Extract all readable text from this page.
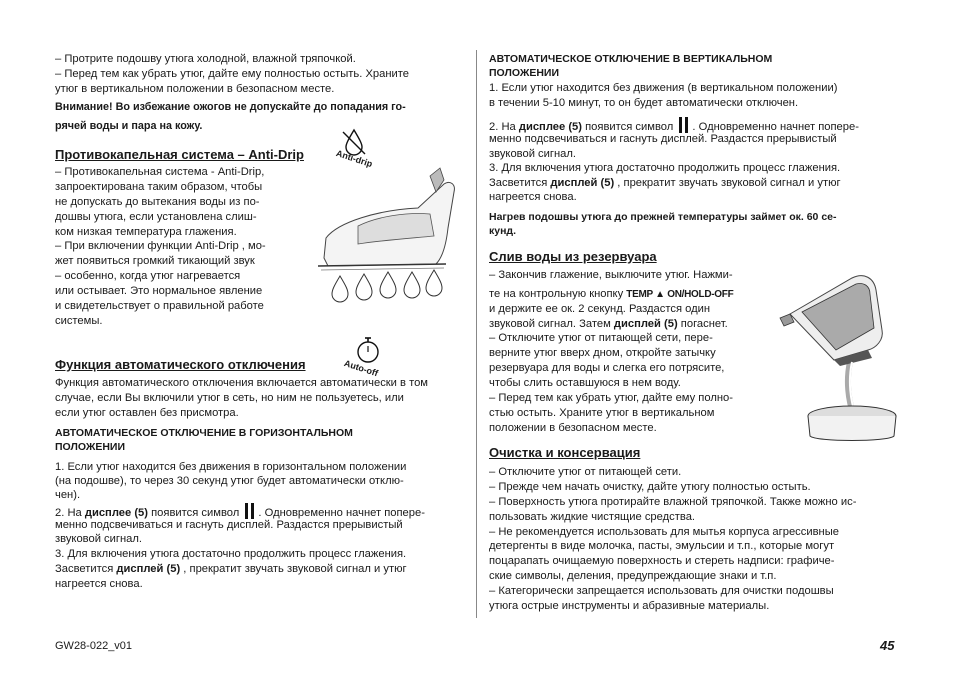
– Протрите подошву утюга холодной, влажной тряпочкой.
– Перед тем как убрать утюг, дайте ему полностью остыть. Храните
утюг в вертикальном положении в безопасном месте.
Внимание! Во избежание ожогов не допускайте до попадания го-
рячей воды и пара на кожу.
Противокапельная система – Anti-Drip	Anti-drip
– Противокапельная система - Anti-Drip,
запроектирована таким образом, чтобы
не допускать до вытекания воды из по-
дошвы утюга, если установлена слиш-
ком низкая температура глажения.
– При включении функции Anti-Drip , мо-
жет появиться громкий тикающий звук
– особенно, когда утюг нагревается
или остывает. Это нормальное явление
и свидетельствует о правильной работе
системы.
Функция автоматического отключения	Auto-off
Функция автоматического отключения включается автоматически в том
случае, если Вы включили утюг в сеть, но ним не пользуетесь, или
если утюг оставлен без присмотра.
АВТОМАТИЧЕСКОЕ ОТКЛЮЧЕНИЕ В ГОРИЗОНТАЛЬНОМ
ПОЛОЖЕНИИ
1. Если утюг находится без движения в горизонтальном положении
(на подошве), то через 30 секунд утюг будет автоматически отклю-
чен).
2. На дисплее (5) появится символ
. Одновременно начнет попере-
менно подсвечиваться и гаснуть дисплей. Раздастся прерывистый
звуковой сигнал.
3. Для включения утюга достаточно продолжить процесс глажения.
Засветится дисплей (5) , прекратит звучать звуковой сигнал и утюг
нагреется снова.
АВТОМАТИЧЕСКОЕ ОТКЛЮЧЕНИЕ В ВЕРТИКАЛЬНОМ
ПОЛОЖЕНИИ
1. Если утюг находится без движения (в вертикальном положении)
в течении 5-10 минут, то он будет автоматически отключен.
2. На дисплее (5) появится символ
. Одновременно начнет попере-
менно подсвечиваться и гаснуть дисплей. Раздастся прерывистый
звуковой сигнал.
3. Для включения утюга достаточно продолжить процесс глажения.
Засветится дисплей (5) , прекратит звучать звуковой сигнал и утюг
нагреется снова.
Нагрев подошвы утюга до прежней температуры займет ок. 60 се-
кунд.
Слив воды из резервуара
– Закончив глажение, выключите утюг. Нажми-
те на контрольную кнопку TEMP ▲ ON/HOLD-OFF
и держите ее ок. 2 секунд. Раздастся один
звуковой сигнал. Затем дисплей (5) погаснет.
– Отключите утюг от питающей сети, пере-
верните утюг вверх дном, откройте затычку
резервуара для воды и слегка его потрясите,
чтобы слить оставшуюся в нем воду.
– Перед тем как убрать утюг, дайте ему полно-
стью остыть. Храните утюг в вертикальном
положении в безопасном месте.
Очистка и консервация
– Отключите утюг от питающей сети.
– Прежде чем начать очистку, дайте утюгу полностью остыть.
– Поверхность утюга протирайте влажной тряпочкой. Также можно ис-
пользовать жидкие чистящие средства.
– Не рекомендуется использовать для мытья корпуса агрессивные
детергенты в виде молочка, пасты, эмульсии и т.п., которые могут
поцарапать очищаемую поверхность и стереть надписи: графиче-
ские символы, деления, предупреждающие знаки и т.п.
– Категорически запрещается использовать для очистки подошвы
утюга острые инструменты и абразивные материалы.
GW28-022_v01	45
